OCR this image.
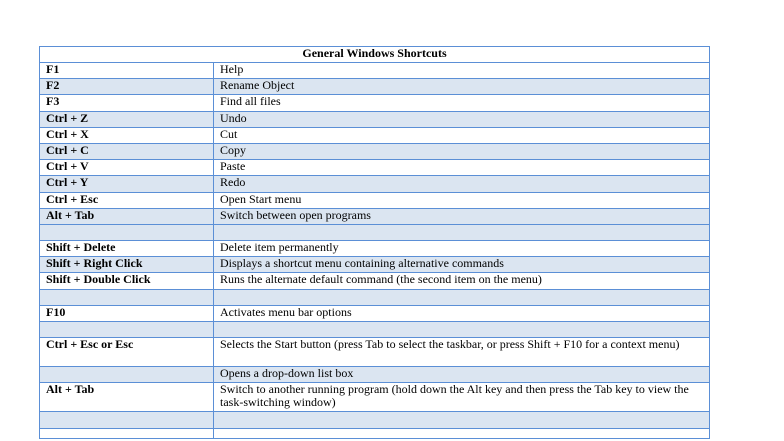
General Windows Shortcuts	
F1	Help
F2	Rename Object
F3	Find all files
Ctrl + Z	Undo
Ctrl + X	Cut
Ctrl + C	Copy
Ctrl + V	Paste
Ctrl + Y	Redo
Ctrl + Esc	Open Start menu
Alt + Tab	Switch between open programs

Shift + Delete	Delete item permanently
Shift + Right Click	Displays a shortcut menu containing alternative commands
Shift + Double Click	Runs the alternate default command (the second item on the menu)

F10	Activates menu bar options

Ctrl + Esc or Esc	Selects the Start button (press Tab to select the taskbar, or press Shift + F10 for a context menu)
	Opens a drop-down list box
Alt + Tab	Switch to another running program (hold down the Alt key and then press the Tab key to view the task-switching window)
